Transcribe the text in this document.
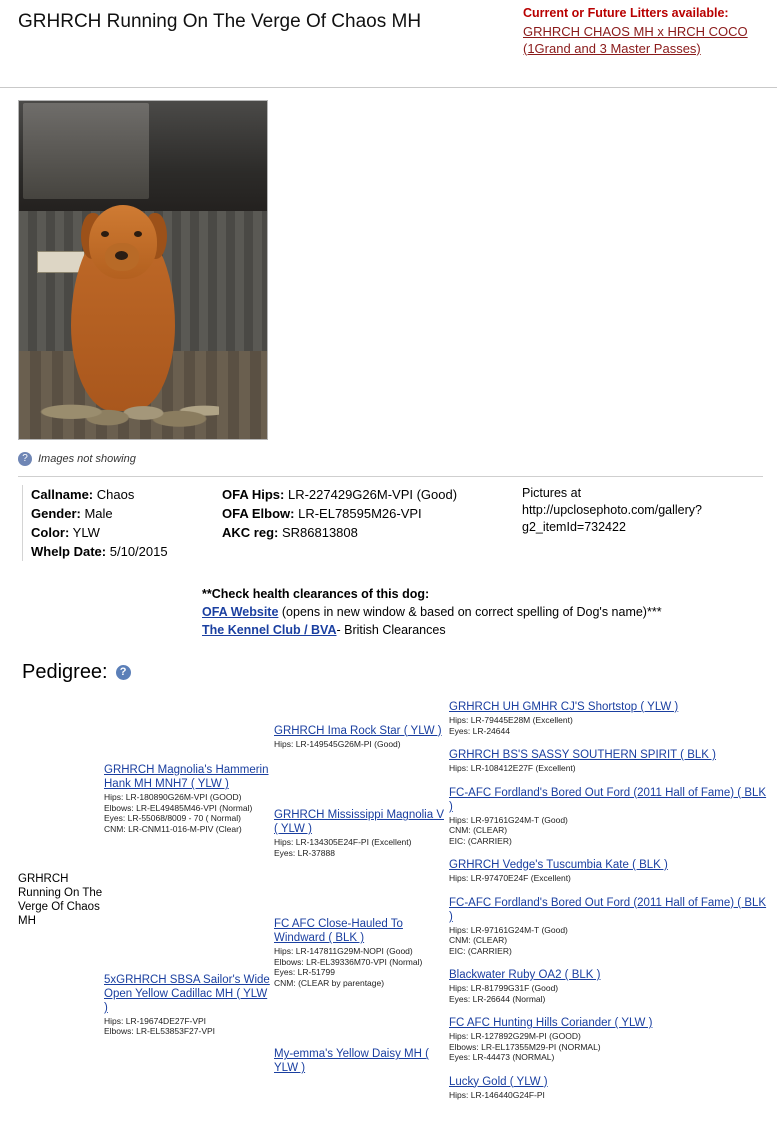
GRHRCH Running On The Verge Of Chaos MH	Current or Future Litters available:
GRHRCH CHAOS MH x HRCH COCO (1Grand and 3 Master Passes)
? Images not showing
Callname: Chaos
Gender: Male
Color: YLW
Whelp Date: 5/10/2015
OFA Hips: LR-227429G26M-VPI (Good)
OFA Elbow: LR-EL78595M26-VPI
AKC reg: SR86813808
Pictures at
http://upclosephoto.com/gallery?g2_itemId=732422
**Check health clearances of this dog:
OFA Website (opens in new window & based on correct spelling of Dog's name)***
The Kennel Club / BVA- British Clearances
Pedigree:	?
GRHRCH Running On The Verge Of Chaos MH
GRHRCH Magnolia's Hammerin Hank MH MNH7 ( YLW )
Hips: LR-180890G26M-VPI (GOOD)
Elbows: LR-EL49485M46-VPI (Normal)
Eyes: LR-55068/8009 - 70 ( Normal)
CNM: LR-CNM11-016-M-PIV (Clear)
5xGRHRCH SBSA Sailor's Wide Open Yellow Cadillac MH ( YLW )
Hips: LR-19674DE27F-VPI
Elbows: LR-EL53853F27-VPI
GRHRCH Ima Rock Star ( YLW )
Hips: LR-149545G26M-PI (Good)
GRHRCH Mississippi Magnolia V ( YLW )
Hips: LR-134305E24F-PI (Excellent)
Eyes: LR-37888
FC AFC Close-Hauled To Windward ( BLK )
Hips: LR-147811G29M-NOPI (Good)
Elbows: LR-EL39336M70-VPI (Normal)
Eyes: LR-51799
CNM: (CLEAR by parentage)
My-emma's Yellow Daisy MH ( YLW )
GRHRCH UH GMHR CJ'S Shortstop ( YLW )
Hips: LR-79445E28M (Excellent)
Eyes: LR-24644
GRHRCH BS'S SASSY SOUTHERN SPIRIT ( BLK )
Hips: LR-108412E27F (Excellent)
FC-AFC Fordland's Bored Out Ford (2011 Hall of Fame) ( BLK )
Hips: LR-97161G24M-T (Good)
CNM: (CLEAR)
EIC: (CARRIER)
GRHRCH Vedge's Tuscumbia Kate ( BLK )
Hips: LR-97470E24F (Excellent)
FC-AFC Fordland's Bored Out Ford (2011 Hall of Fame) ( BLK )
Hips: LR-97161G24M-T (Good)
CNM: (CLEAR)
EIC: (CARRIER)
Blackwater Ruby OA2 ( BLK )
Hips: LR-81799G31F (Good)
Eyes: LR-26644 (Normal)
FC AFC Hunting Hills Coriander ( YLW )
Hips: LR-127892G29M-PI (GOOD)
Elbows: LR-EL17355M29-PI (NORMAL)
Eyes: LR-44473 (NORMAL)
Lucky Gold ( YLW )
Hips: LR-146440G24F-PI
